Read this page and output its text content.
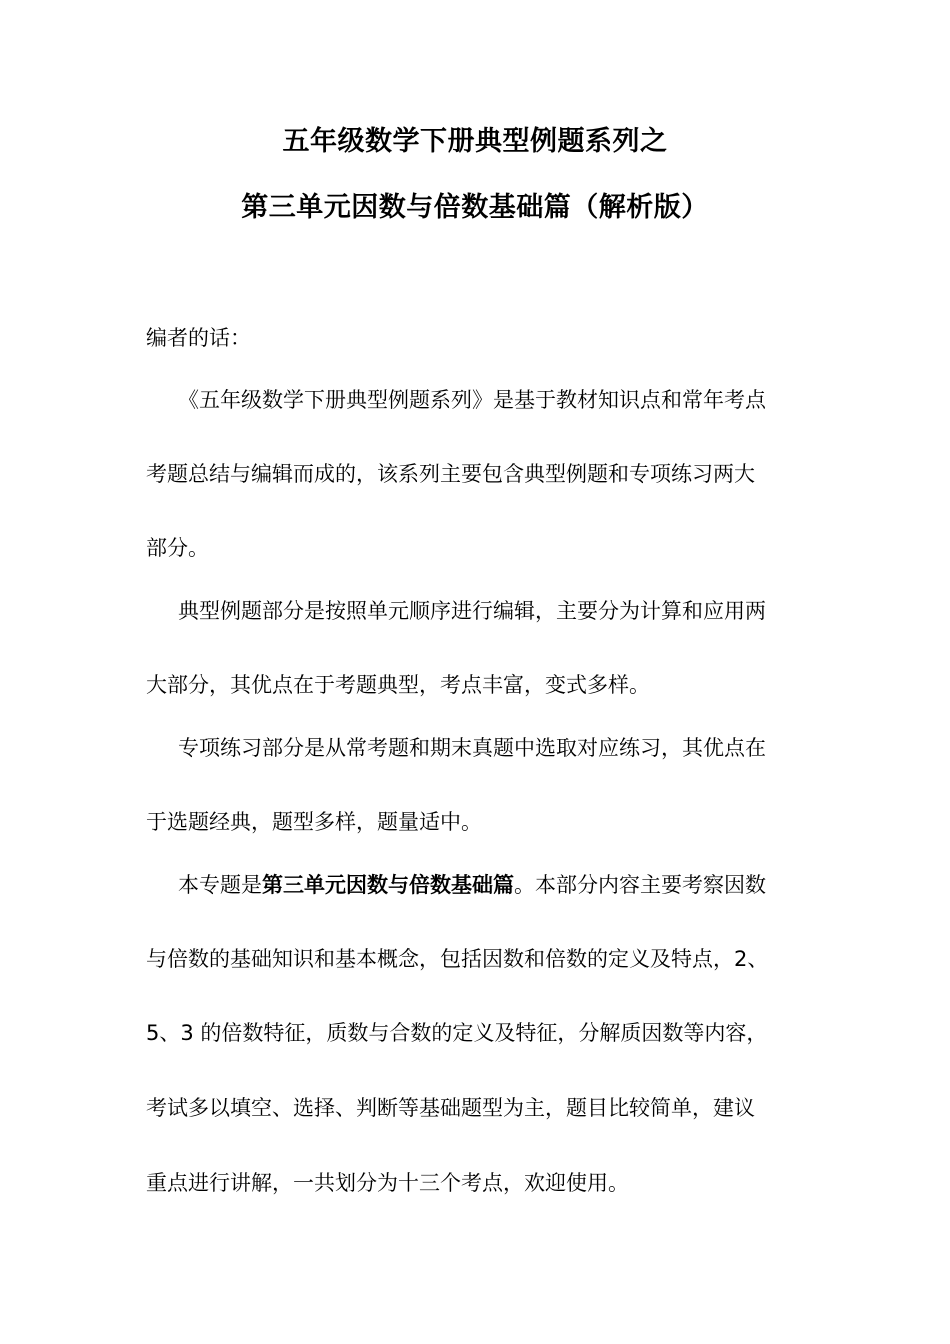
五年级数学下册典型例题系列之
第三单元因数与倍数基础篇（解析版）
编者的话：
《五年级数学下册典型例题系列》是基于教材知识点和常年考点
考题总结与编辑而成的，该系列主要包含典型例题和专项练习两大
部分。
典型例题部分是按照单元顺序进行编辑，主要分为计算和应用两
大部分，其优点在于考题典型，考点丰富，变式多样。
专项练习部分是从常考题和期末真题中选取对应练习，其优点在
于选题经典，题型多样，题量适中。
本专题是第三单元因数与倍数基础篇。本部分内容主要考察因数
与倍数的基础知识和基本概念，包括因数和倍数的定义及特点，2、
5、3 的倍数特征，质数与合数的定义及特征，分解质因数等内容，
考试多以填空、选择、判断等基础题型为主，题目比较简单，建议
重点进行讲解，一共划分为十三个考点，欢迎使用。
